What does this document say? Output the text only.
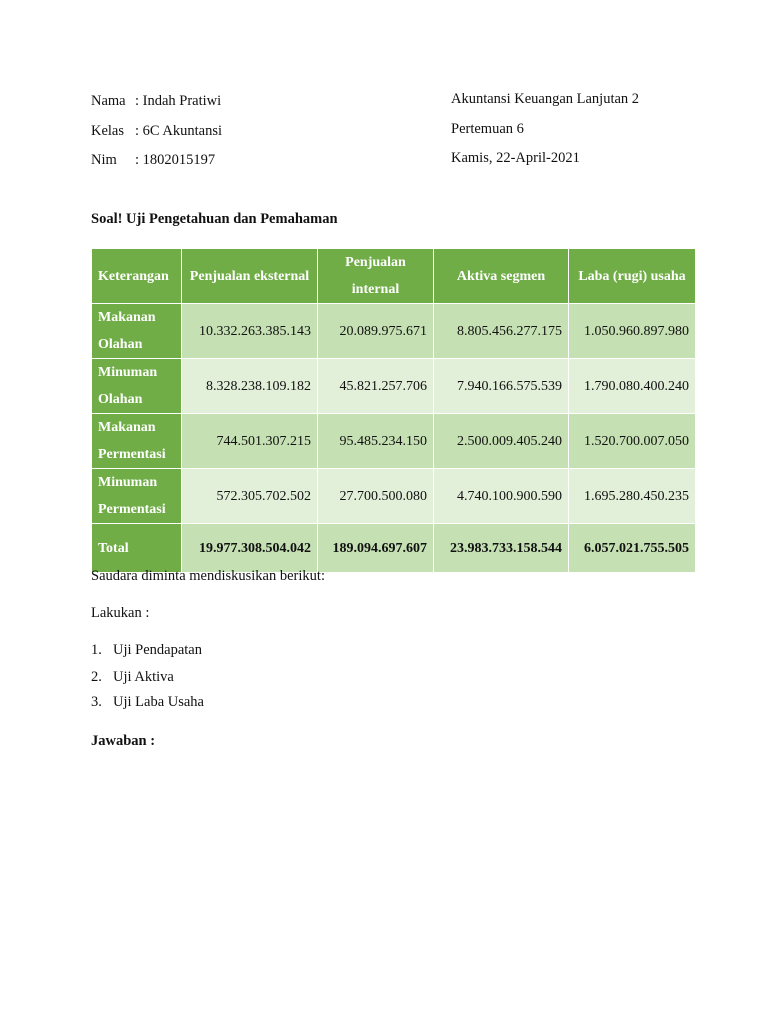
Nama : Indah Pratiwi
Kelas : 6C Akuntansi
Nim	: 1802015197
Akuntansi Keuangan Lanjutan 2
Pertemuan 6
Kamis, 22-April-2021
Soal! Uji Pengetahuan dan Pemahaman
Keterangan	Penjualan eksternal	Penjualan internal	Aktiva segmen	Laba (rugi) usaha
Makanan Olahan	10.332.263.385.143	20.089.975.671	8.805.456.277.175	1.050.960.897.980
Minuman Olahan	8.328.238.109.182	45.821.257.706	7.940.166.575.539	1.790.080.400.240
Makanan Permentasi	744.501.307.215	95.485.234.150	2.500.009.405.240	1.520.700.007.050
Minuman Permentasi	572.305.702.502	27.700.500.080	4.740.100.900.590	1.695.280.450.235
Total	19.977.308.504.042	189.094.697.607	23.983.733.158.544	6.057.021.755.505
Saudara diminta mendiskusikan berikut:
Lakukan :
1. Uji Pendapatan
2. Uji Aktiva
3. Uji Laba Usaha
Jawaban :
